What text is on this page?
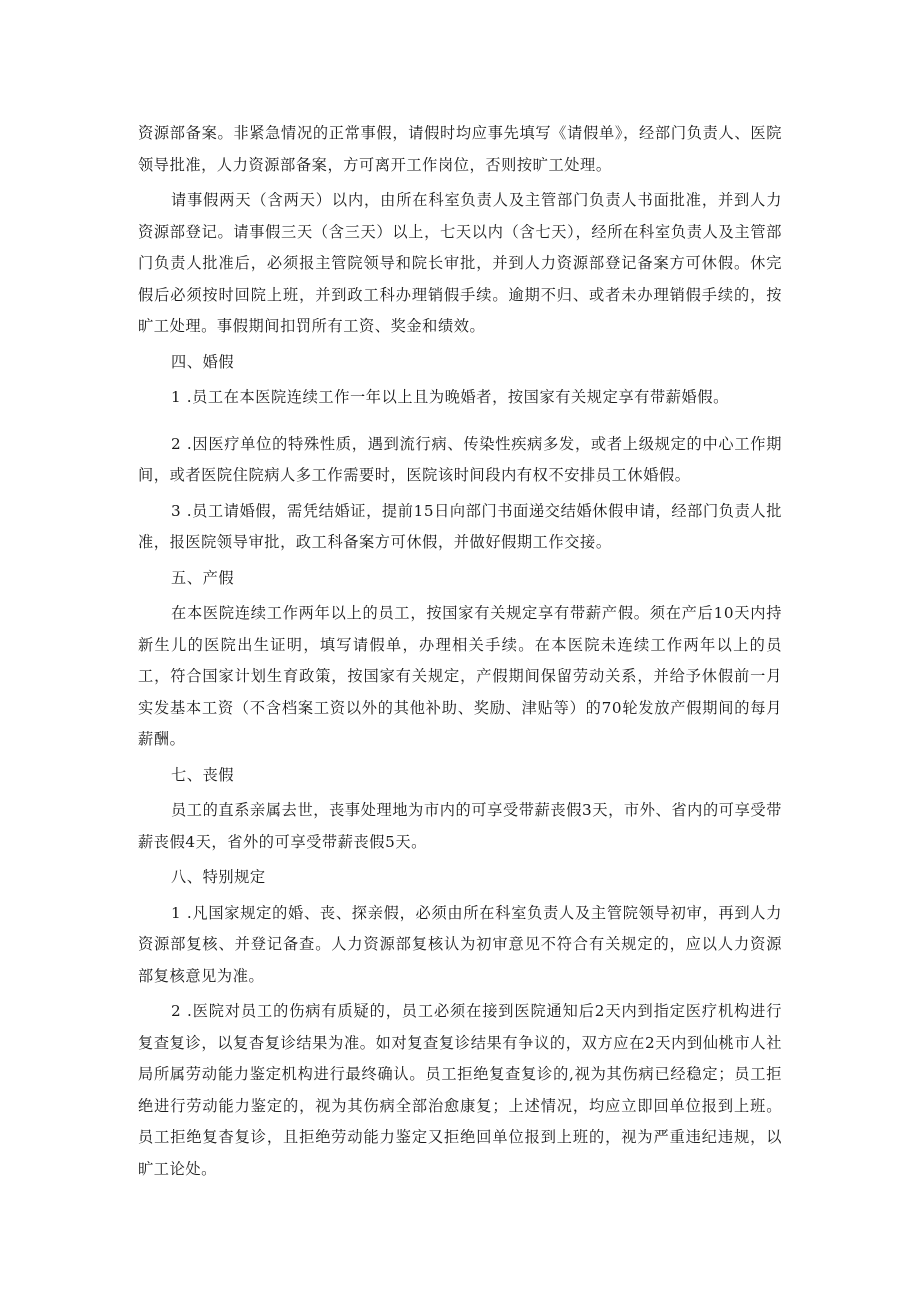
资源部备案。非紧急情况的正常事假，请假时均应事先填写《请假单》，经部门负责人、医院领导批准，人力资源部备案，方可离开工作岗位，否则按旷工处理。

请事假两天（含两天）以内，由所在科室负责人及主管部门负责人书面批准，并到人力资源部登记。请事假三天（含三天）以上，七天以内（含七天），经所在科室负责人及主管部门负责人批准后，必须报主管院领导和院长审批，并到人力资源部登记备案方可休假。休完假后必须按时回院上班，并到政工科办理销假手续。逾期不归、或者未办理销假手续的，按旷工处理。事假期间扣罚所有工资、奖金和绩效。

四、婚假

1 .员工在本医院连续工作一年以上且为晚婚者，按国家有关规定享有带薪婚假。

2 .因医疗单位的特殊性质，遇到流行病、传染性疾病多发，或者上级规定的中心工作期间，或者医院住院病人多工作需要时，医院该时间段内有权不安排员工休婚假。

3 .员工请婚假，需凭结婚证，提前15日向部门书面递交结婚休假申请，经部门负责人批准，报医院领导审批，政工科备案方可休假，并做好假期工作交接。

五、产假

在本医院连续工作两年以上的员工，按国家有关规定享有带薪产假。须在产后10天内持新生儿的医院出生证明，填写请假单，办理相关手续。在本医院未连续工作两年以上的员工，符合国家计划生育政策，按国家有关规定，产假期间保留劳动关系，并给予休假前一月实发基本工资（不含档案工资以外的其他补助、奖励、津贴等）的70轮发放产假期间的每月薪酬。

七、丧假

员工的直系亲属去世，丧事处理地为市内的可享受带薪丧假3天，市外、省内的可享受带薪丧假4天，省外的可享受带薪丧假5天。

八、特别规定

1 .凡国家规定的婚、丧、探亲假，必须由所在科室负责人及主管院领导初审，再到人力资源部复核、并登记备查。人力资源部复核认为初审意见不符合有关规定的，应以人力资源部复核意见为准。

2 .医院对员工的伤病有质疑的，员工必须在接到医院通知后2天内到指定医疗机构进行复查复诊，以复杳复诊结果为准。如对复查复诊结果有争议的，双方应在2天内到仙桃市人社局所属劳动能力鉴定机构进行最终确认。员工拒绝复查复诊的,视为其伤病已经稳定；员工拒绝进行劳动能力鉴定的，视为其伤病全部治愈康复；上述情况，均应立即回单位报到上班。员工拒绝复杳复诊，且拒绝劳动能力鉴定又拒绝回单位报到上班的，视为严重违纪违规，以旷工论处。
